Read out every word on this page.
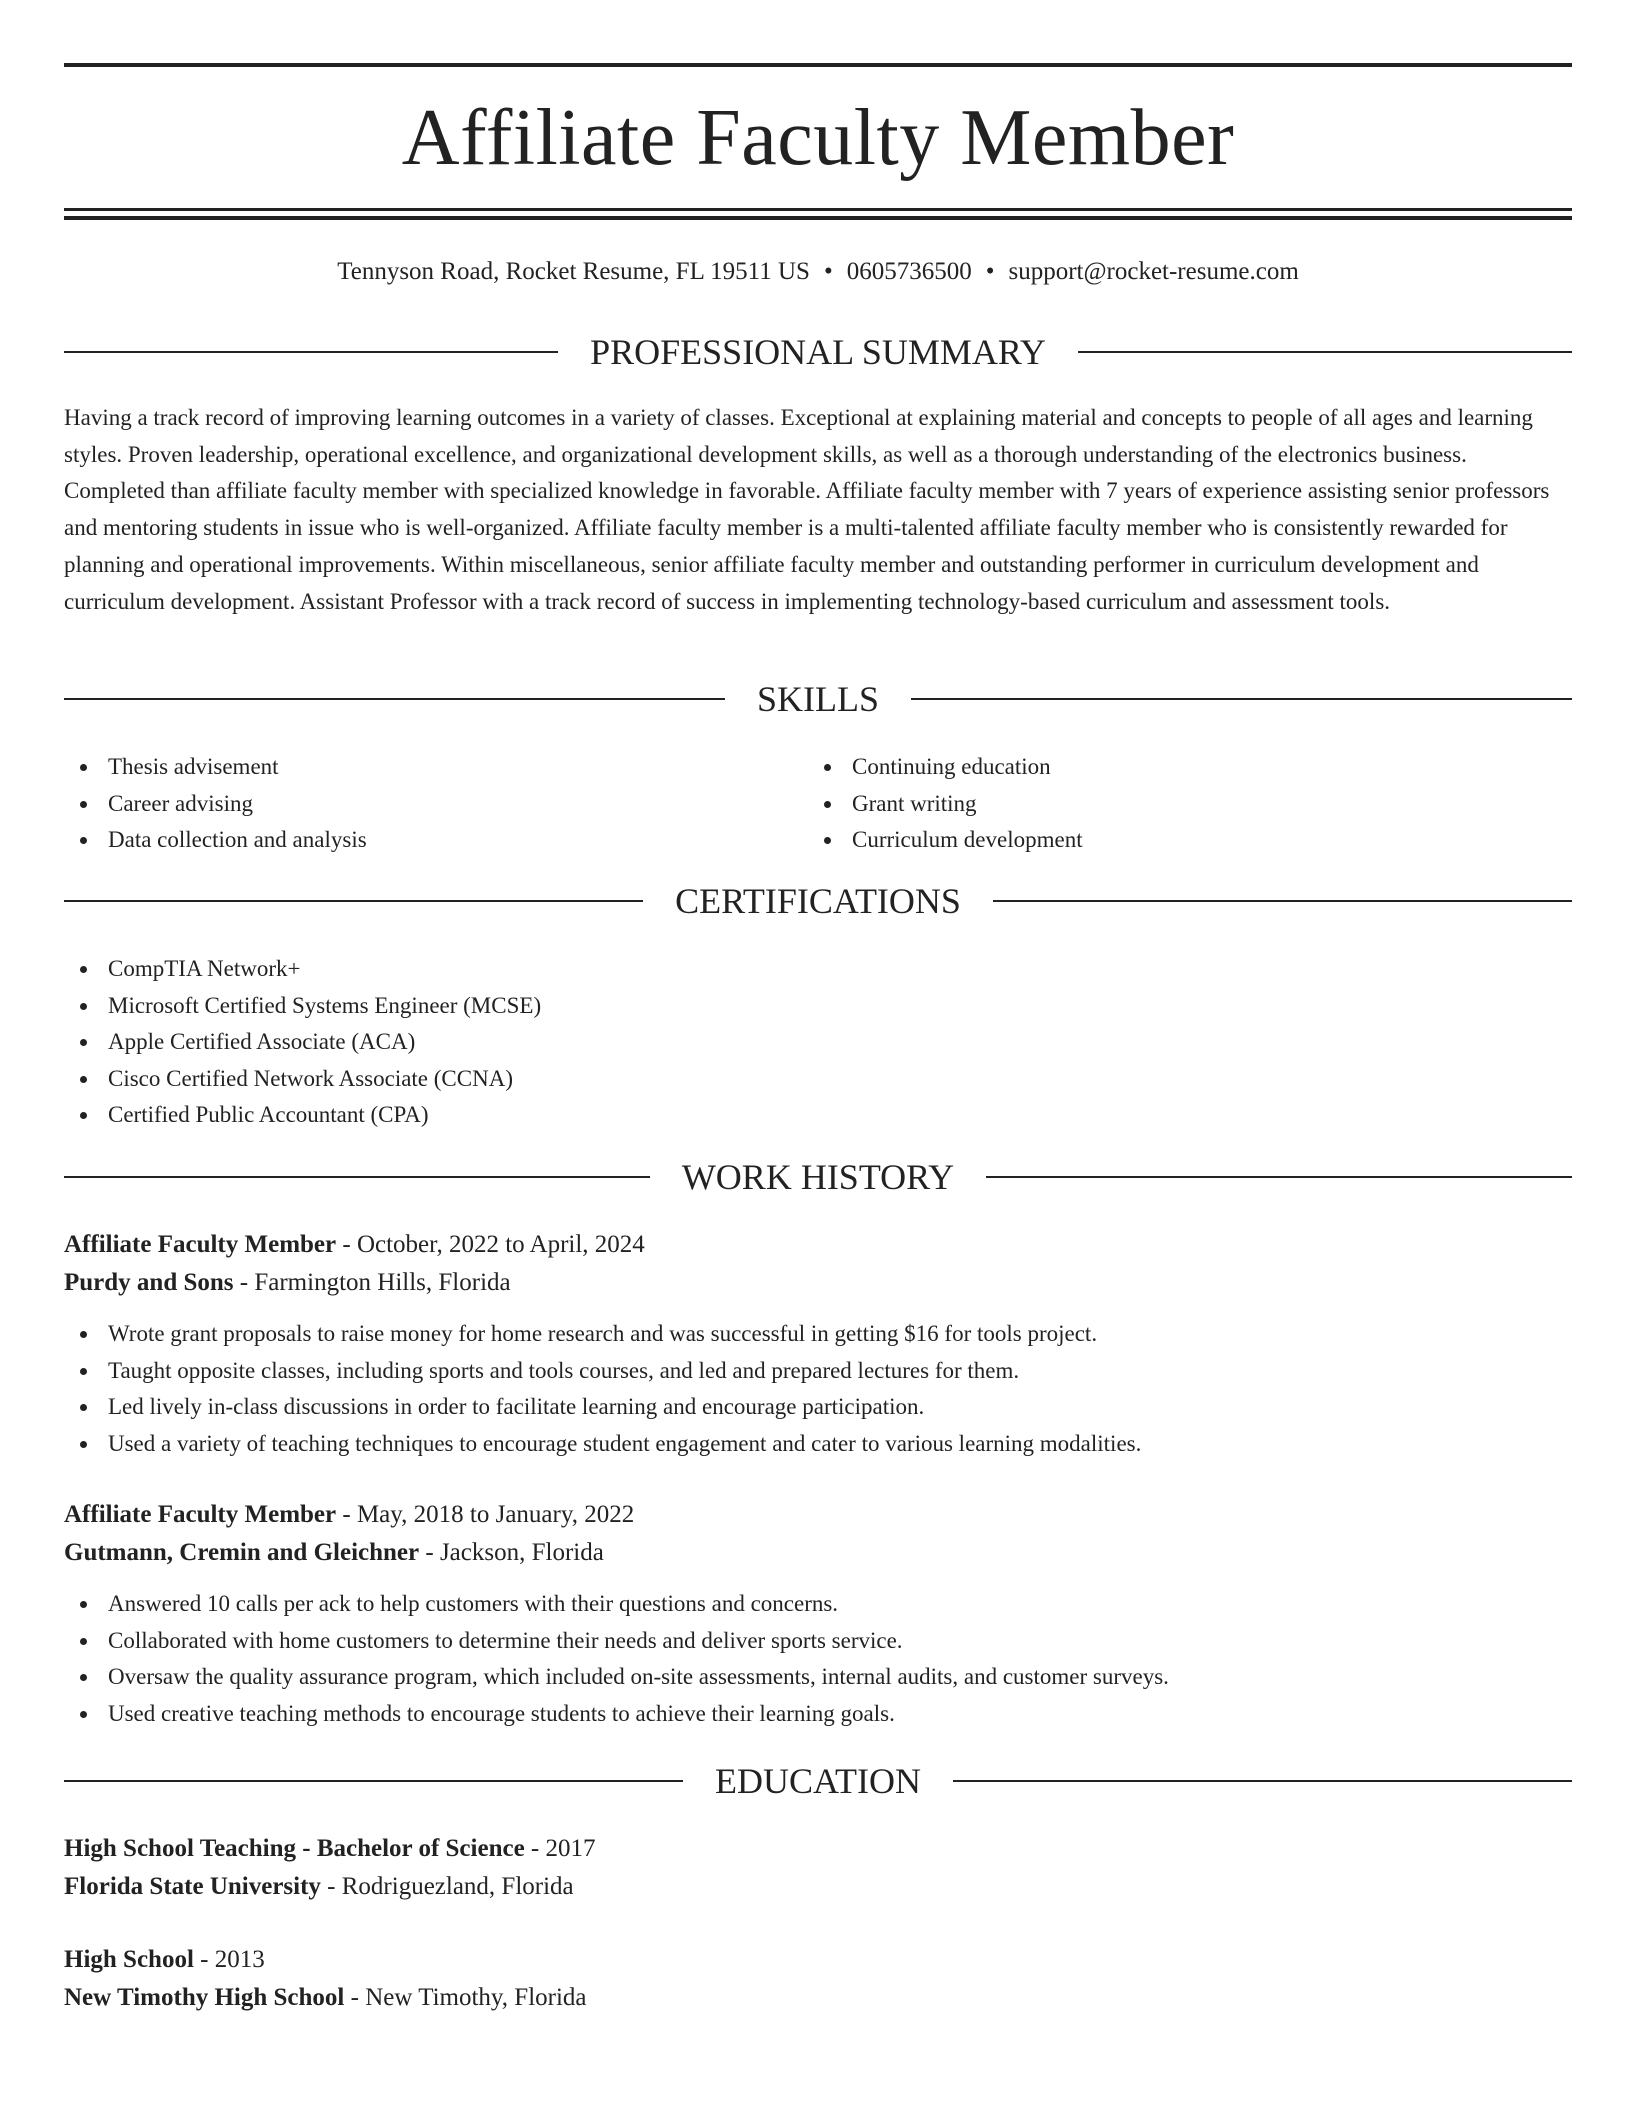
Affiliate Faculty Member
Tennyson Road, Rocket Resume, FL 19511 US • 0605736500 • support@rocket-resume.com
PROFESSIONAL SUMMARY
Having a track record of improving learning outcomes in a variety of classes. Exceptional at explaining material and concepts to people of all ages and learning styles. Proven leadership, operational excellence, and organizational development skills, as well as a thorough understanding of the electronics business. Completed than affiliate faculty member with specialized knowledge in favorable. Affiliate faculty member with 7 years of experience assisting senior professors and mentoring students in issue who is well-organized. Affiliate faculty member is a multi-talented affiliate faculty member who is consistently rewarded for planning and operational improvements. Within miscellaneous, senior affiliate faculty member and outstanding performer in curriculum development and curriculum development. Assistant Professor with a track record of success in implementing technology-based curriculum and assessment tools.
SKILLS
Thesis advisement
Career advising
Data collection and analysis
Continuing education
Grant writing
Curriculum development
CERTIFICATIONS
CompTIA Network+
Microsoft Certified Systems Engineer (MCSE)
Apple Certified Associate (ACA)
Cisco Certified Network Associate (CCNA)
Certified Public Accountant (CPA)
WORK HISTORY
Affiliate Faculty Member - October, 2022 to April, 2024
Purdy and Sons - Farmington Hills, Florida
Wrote grant proposals to raise money for home research and was successful in getting $16 for tools project.
Taught opposite classes, including sports and tools courses, and led and prepared lectures for them.
Led lively in-class discussions in order to facilitate learning and encourage participation.
Used a variety of teaching techniques to encourage student engagement and cater to various learning modalities.
Affiliate Faculty Member - May, 2018 to January, 2022
Gutmann, Cremin and Gleichner - Jackson, Florida
Answered 10 calls per ack to help customers with their questions and concerns.
Collaborated with home customers to determine their needs and deliver sports service.
Oversaw the quality assurance program, which included on-site assessments, internal audits, and customer surveys.
Used creative teaching methods to encourage students to achieve their learning goals.
EDUCATION
High School Teaching - Bachelor of Science - 2017
Florida State University - Rodriguezland, Florida
High School - 2013
New Timothy High School - New Timothy, Florida
